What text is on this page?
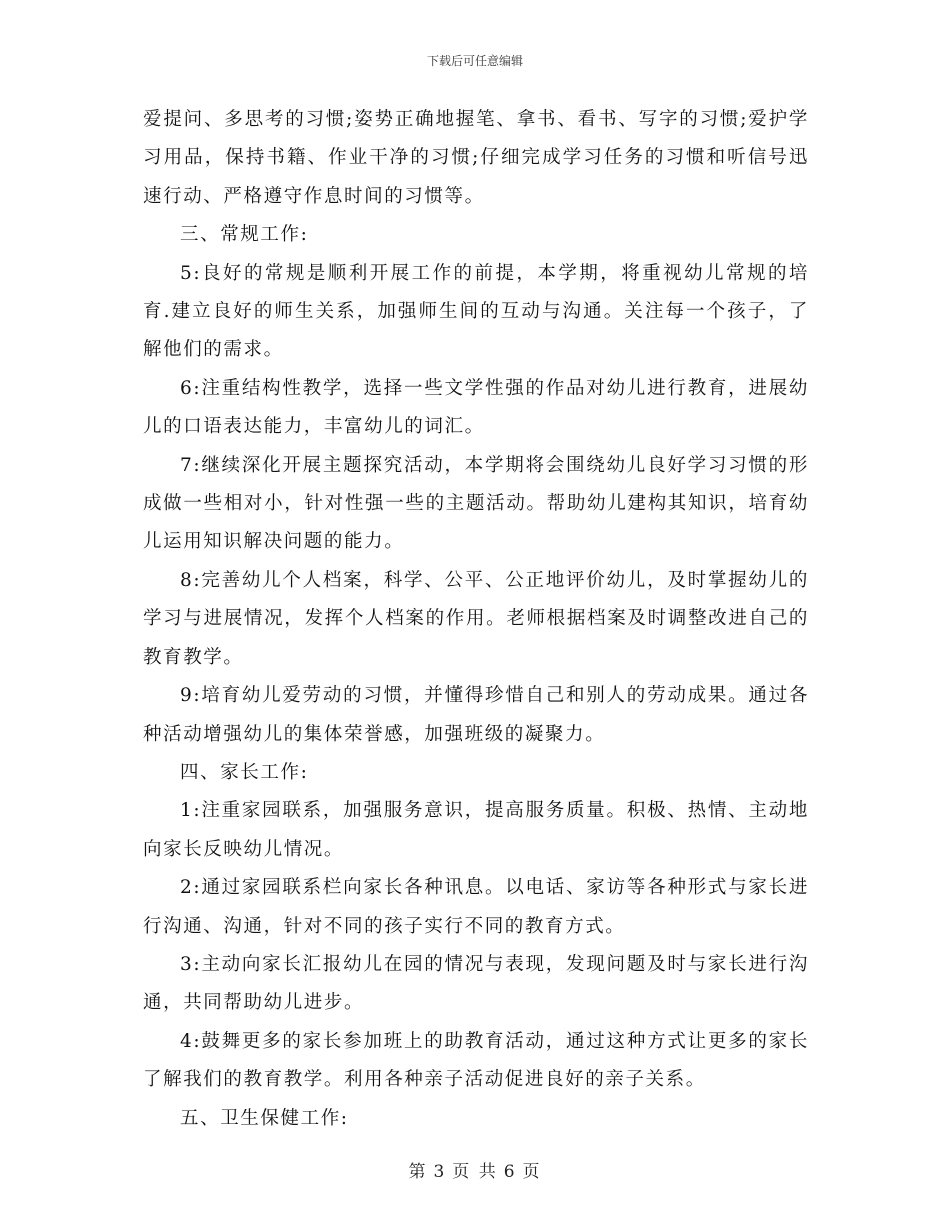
下载后可任意编辑

爱提问、多思考的习惯;姿势正确地握笔、拿书、看书、写字的习惯;爱护学习用品，保持书籍、作业干净的习惯;仔细完成学习任务的习惯和听信号迅速行动、严格遵守作息时间的习惯等。

三、常规工作:

5:良好的常规是顺利开展工作的前提，本学期，将重视幼儿常规的培育.建立良好的师生关系，加强师生间的互动与沟通。关注每一个孩子，了解他们的需求。

6:注重结构性教学，选择一些文学性强的作品对幼儿进行教育，进展幼儿的口语表达能力，丰富幼儿的词汇。

7:继续深化开展主题探究活动，本学期将会围绕幼儿良好学习习惯的形成做一些相对小，针对性强一些的主题活动。帮助幼儿建构其知识，培育幼儿运用知识解决问题的能力。

8:完善幼儿个人档案，科学、公平、公正地评价幼儿，及时掌握幼儿的学习与进展情况，发挥个人档案的作用。老师根据档案及时调整改进自己的教育教学。

9:培育幼儿爱劳动的习惯，并懂得珍惜自己和别人的劳动成果。通过各种活动增强幼儿的集体荣誉感，加强班级的凝聚力。

四、家长工作:

1:注重家园联系，加强服务意识，提高服务质量。积极、热情、主动地向家长反映幼儿情况。

2:通过家园联系栏向家长各种讯息。以电话、家访等各种形式与家长进行沟通、沟通，针对不同的孩子实行不同的教育方式。

3:主动向家长汇报幼儿在园的情况与表现，发现问题及时与家长进行沟通，共同帮助幼儿进步。

4:鼓舞更多的家长参加班上的助教育活动，通过这种方式让更多的家长了解我们的教育教学。利用各种亲子活动促进良好的亲子关系。

五、卫生保健工作:

第 3 页 共 6 页
